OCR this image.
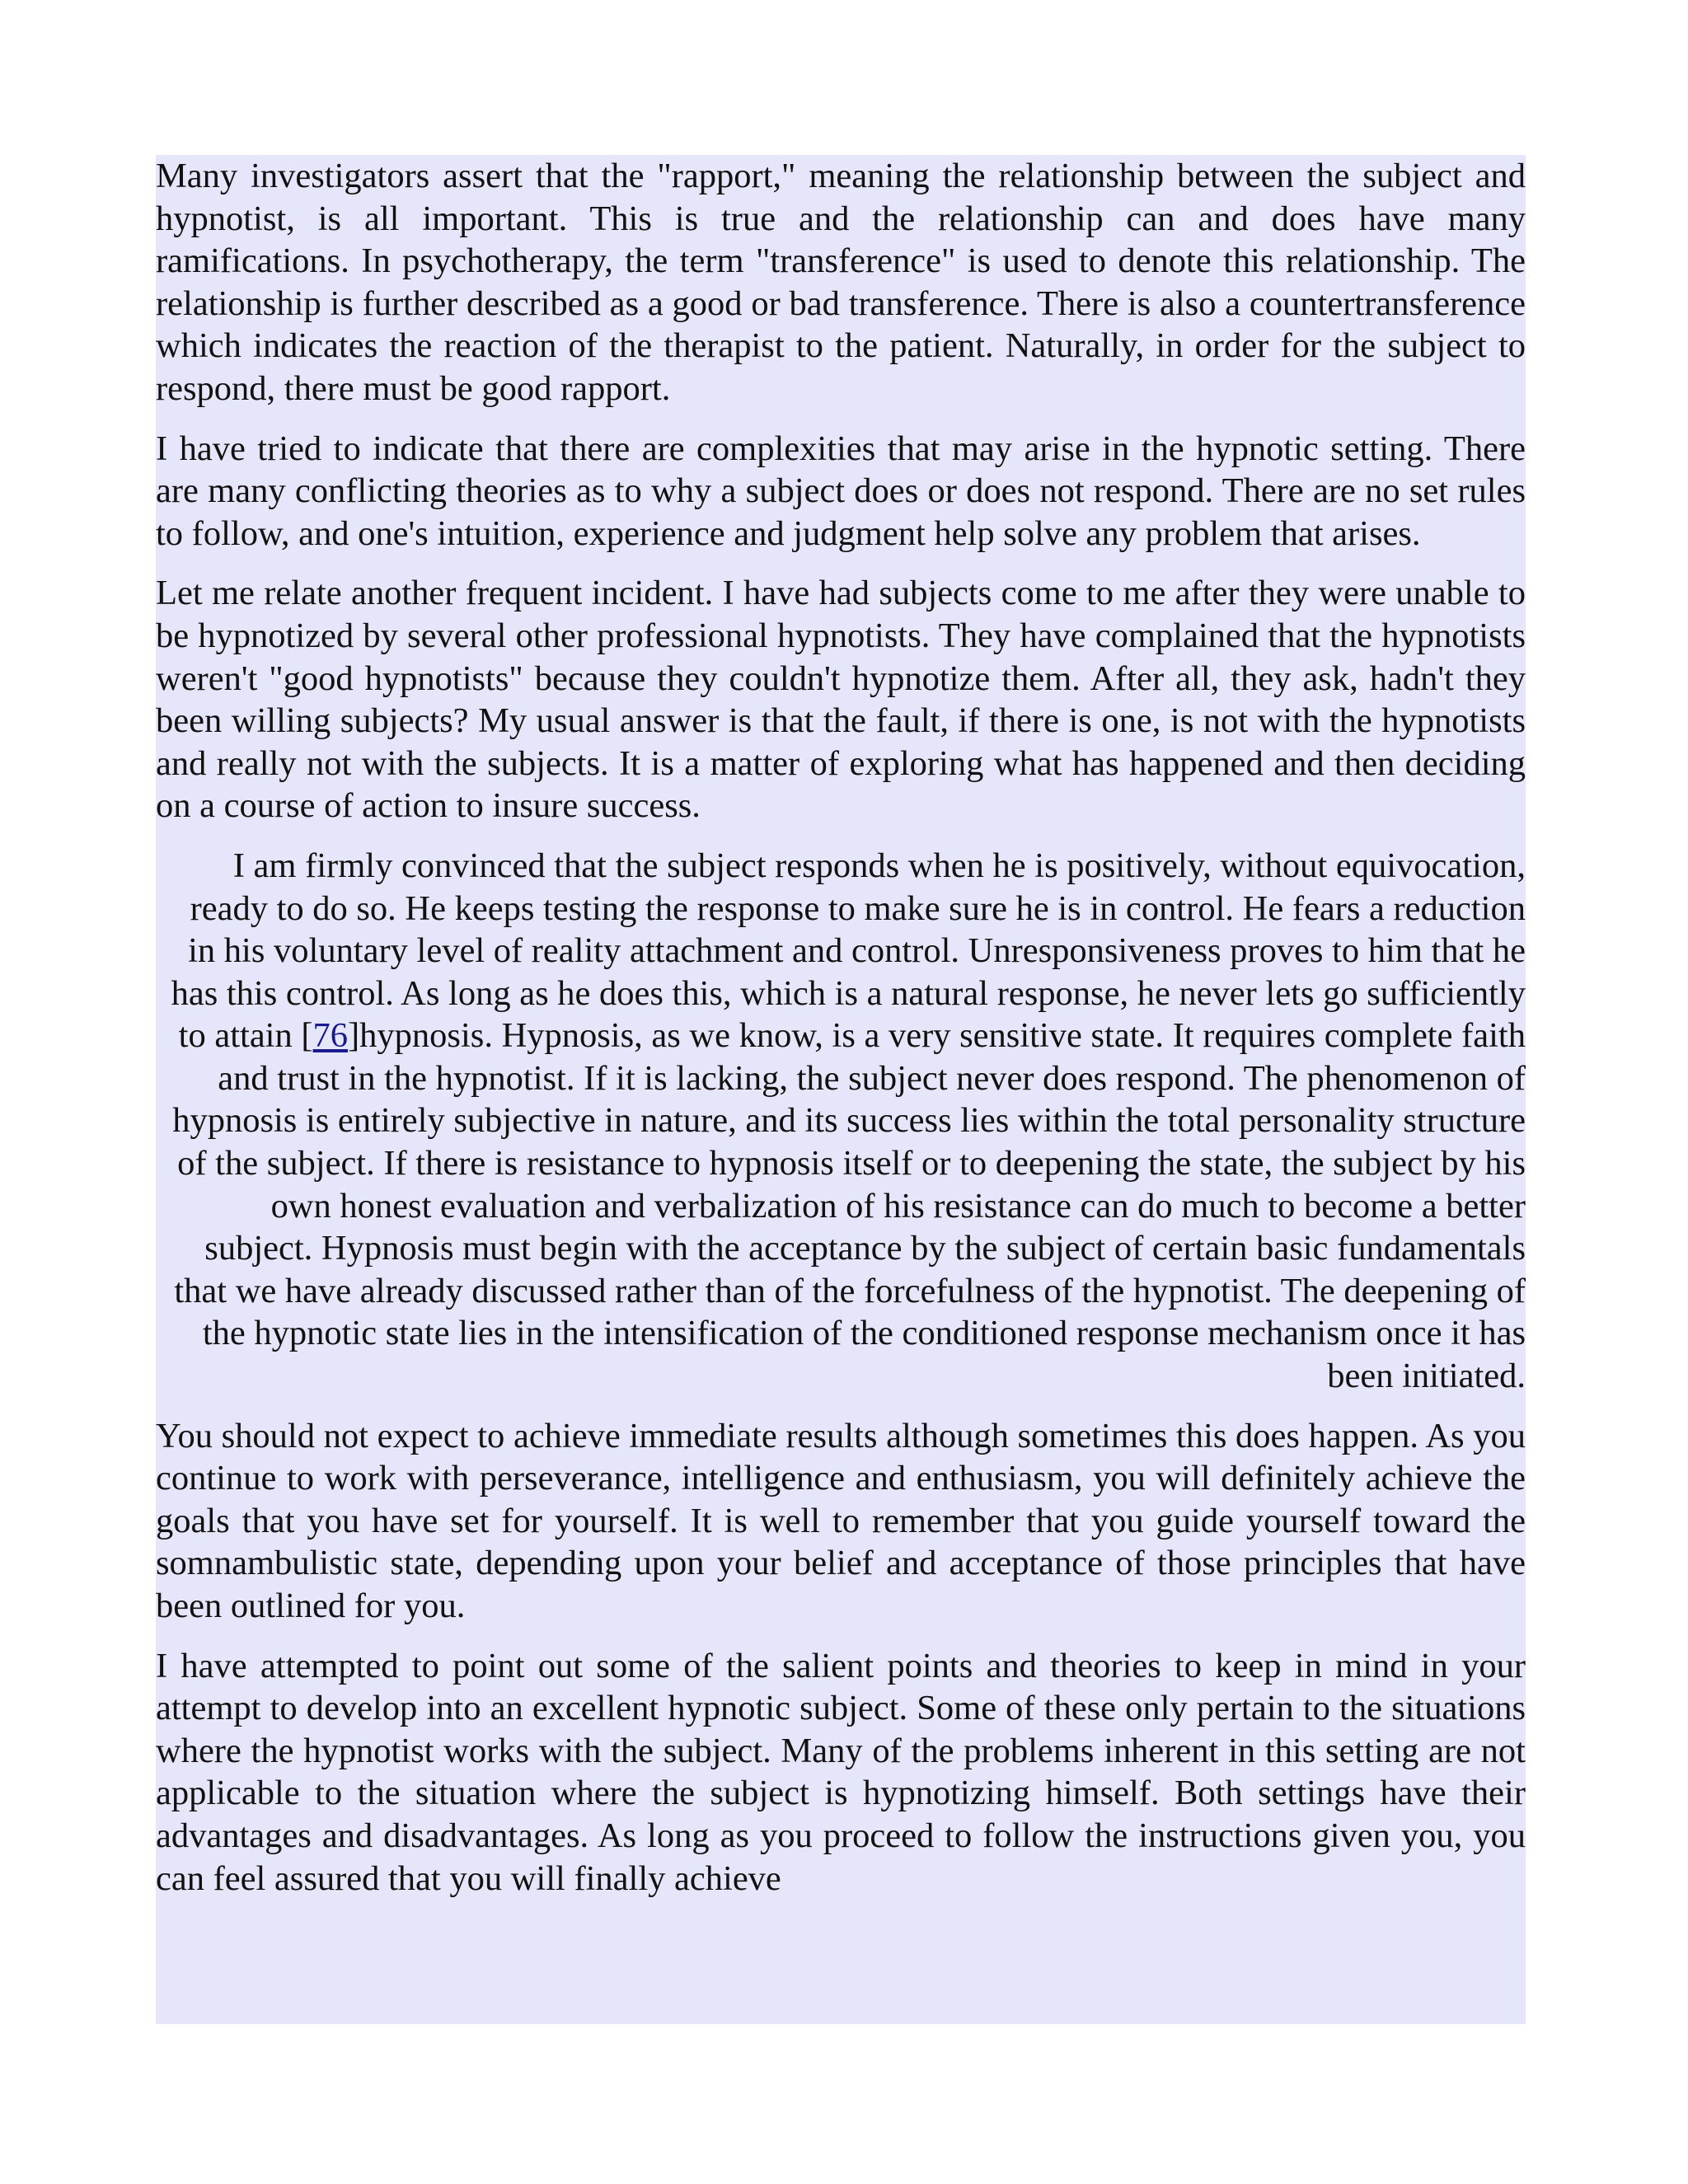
Many investigators assert that the "rapport," meaning the relationship between the subject and hypnotist, is all important. This is true and the relationship can and does have many ramifications. In psychotherapy, the term "transference" is used to denote this relationship. The relationship is further described as a good or bad transference. There is also a countertransference which indicates the reaction of the therapist to the patient. Naturally, in order for the subject to respond, there must be good rapport.

I have tried to indicate that there are complexities that may arise in the hypnotic setting. There are many conflicting theories as to why a subject does or does not respond. There are no set rules to follow, and one's intuition, experience and judgment help solve any problem that arises.

Let me relate another frequent incident. I have had subjects come to me after they were unable to be hypnotized by several other professional hypnotists. They have complained that the hypnotists weren't "good hypnotists" because they couldn't hypnotize them. After all, they ask, hadn't they been willing subjects? My usual answer is that the fault, if there is one, is not with the hypnotists and really not with the subjects. It is a matter of exploring what has happened and then deciding on a course of action to insure success.

I am firmly convinced that the subject responds when he is positively, without equivocation, ready to do so. He keeps testing the response to make sure he is in control. He fears a reduction in his voluntary level of reality attachment and control. Unresponsiveness proves to him that he has this control. As long as he does this, which is a natural response, he never lets go sufficiently to attain [76]hypnosis. Hypnosis, as we know, is a very sensitive state. It requires complete faith and trust in the hypnotist. If it is lacking, the subject never does respond. The phenomenon of hypnosis is entirely subjective in nature, and its success lies within the total personality structure of the subject. If there is resistance to hypnosis itself or to deepening the state, the subject by his own honest evaluation and verbalization of his resistance can do much to become a better subject. Hypnosis must begin with the acceptance by the subject of certain basic fundamentals that we have already discussed rather than of the forcefulness of the hypnotist. The deepening of the hypnotic state lies in the intensification of the conditioned response mechanism once it has been initiated.

You should not expect to achieve immediate results although sometimes this does happen. As you continue to work with perseverance, intelligence and enthusiasm, you will definitely achieve the goals that you have set for yourself. It is well to remember that you guide yourself toward the somnambulistic state, depending upon your belief and acceptance of those principles that have been outlined for you.

I have attempted to point out some of the salient points and theories to keep in mind in your attempt to develop into an excellent hypnotic subject. Some of these only pertain to the situations where the hypnotist works with the subject. Many of the problems inherent in this setting are not applicable to the situation where the subject is hypnotizing himself. Both settings have their advantages and disadvantages. As long as you proceed to follow the instructions given you, you can feel assured that you will finally achieve
